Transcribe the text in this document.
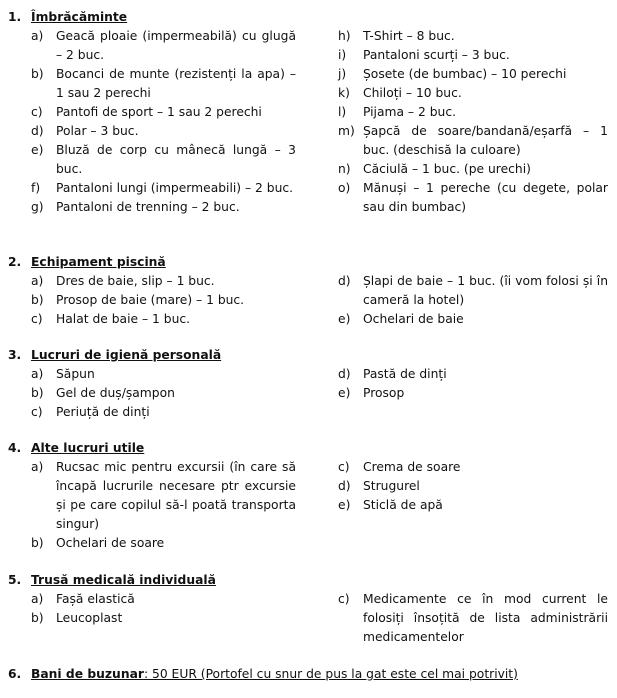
1. Îmbrăcăminte
a) Geacă ploaie (impermeabilă) cu glugă – 2 buc.
b) Bocanci de munte (rezistenți la apa) – 1 sau 2 perechi
c) Pantofi de sport – 1 sau 2 perechi
d) Polar – 3 buc.
e) Bluză de corp cu mânecă lungă – 3 buc.
f) Pantaloni lungi (impermeabili) – 2 buc.
g) Pantaloni de trenning – 2 buc.
h) T-Shirt – 8 buc.
i) Pantaloni scurți – 3 buc.
j) Șosete (de bumbac) – 10 perechi
k) Chiloți – 10 buc.
l) Pijama – 2 buc.
m) Șapcă de soare/bandană/eșarfă – 1 buc. (deschisă la culoare)
n) Căciulă – 1 buc. (pe urechi)
o) Mănuși – 1 pereche (cu degete, polar sau din bumbac)
2. Echipament piscină
a) Dres de baie, slip – 1 buc.
b) Prosop de baie (mare) – 1 buc.
c) Halat de baie – 1 buc.
d) Șlapi de baie – 1 buc. (îi vom folosi și în cameră la hotel)
e) Ochelari de baie
3. Lucruri de igienă personală
a) Săpun
b) Gel de duș/șampon
c) Periuță de dinți
d) Pastă de dinți
e) Prosop
4. Alte lucruri utile
a) Rucsac mic pentru excursii (în care să încapă lucrurile necesare ptr excursie și pe care copilul să-l poată transporta singur)
b) Ochelari de soare
c) Crema de soare
d) Strugurel
e) Sticlă de apă
5. Trusă medicală individuală
a) Fașă elastică
b) Leucoplast
c) Medicamente ce în mod current le folosiți însoțită de lista administrării medicamentelor
6. Bani de buzunar: 50 EUR (Portofel cu snur de pus la gat este cel mai potrivit)
